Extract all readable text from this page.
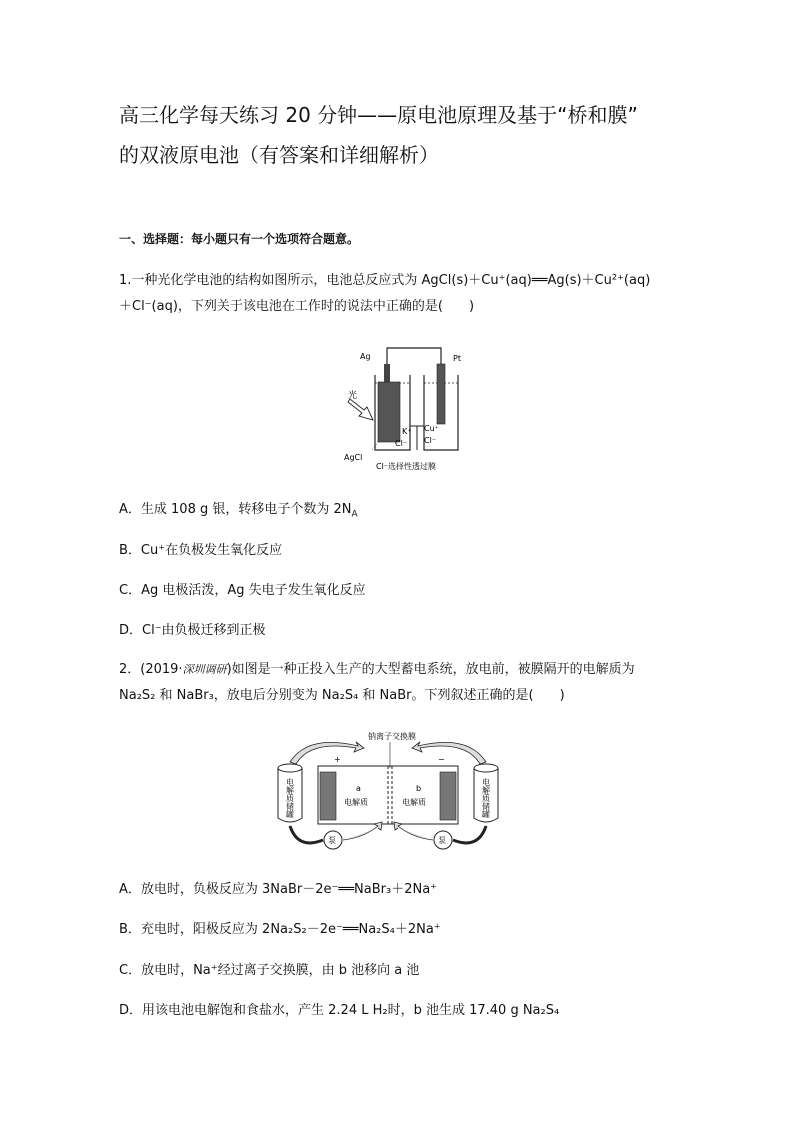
高三化学每天练习 20 分钟——原电池原理及基于“桥和膜”
的双液原电池（有答案和详细解析）
一、选择题：每小题只有一个选项符合题意。
1.一种光化学电池的结构如图所示，电池总反应式为 AgCl(s)＋Cu⁺(aq)══Ag(s)＋Cu²⁺(aq)
＋Cl⁻(aq)，下列关于该电池在工作时的说法中正确的是(　　)
光
Ag	Pt
AgCl
K⁺
Cl⁻
Cu⁺
Cl⁻
Cl⁻选择性透过膜
A．生成 108 g 银，转移电子个数为 $2N_A$
B．Cu⁺在负极发生氧化反应
C．Ag 电极活泼，Ag 失电子发生氧化反应
D．Cl⁻由负极迁移到正极
2．(2019·深圳调研)如图是一种正投入生产的大型蓄电系统，放电前，被膜隔开的电解质为
Na₂S₂ 和 NaBr₃，放电后分别变为 Na₂S₄ 和 NaBr。下列叙述正确的是(　　)
泵	泵
钠离子交换膜
+	−
a
电解质
b
电解质
电解质储罐	电解质储罐
A．放电时，负极反应为 3NaBr－2e⁻══NaBr₃＋2Na⁺
B．充电时，阳极反应为 2Na₂S₂－2e⁻══Na₂S₄＋2Na⁺
C．放电时，Na⁺经过离子交换膜，由 b 池移向 a 池
D．用该电池电解饱和食盐水，产生 2.24 L H₂时，b 池生成 17.40 g Na₂S₄
